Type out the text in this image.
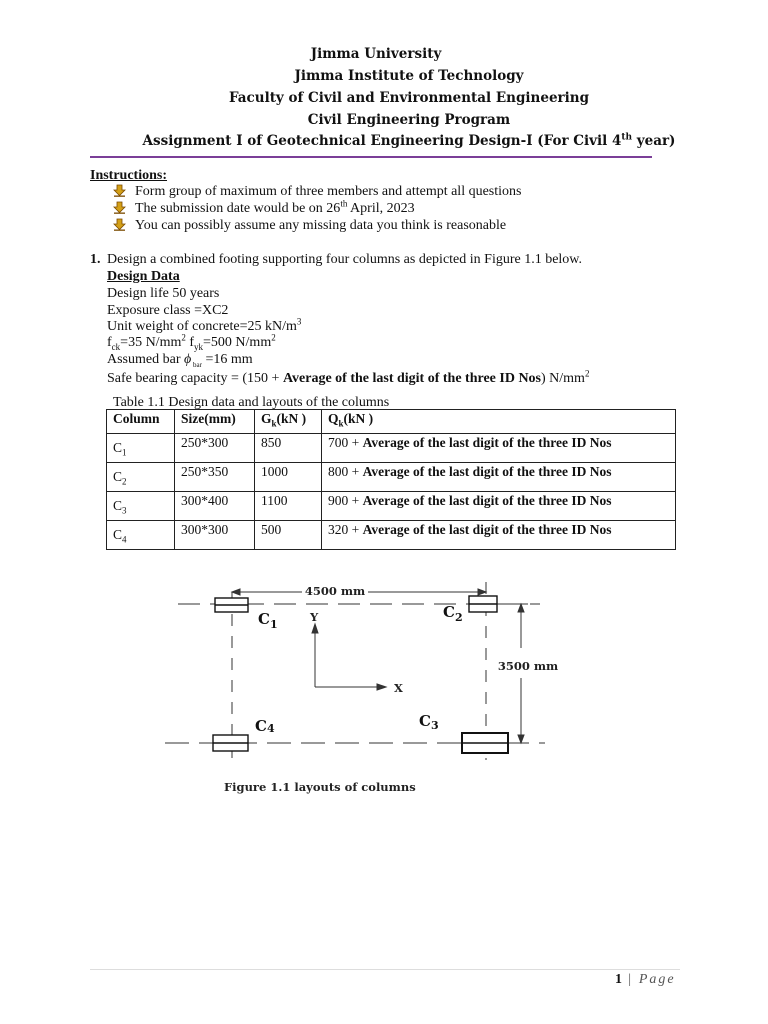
Jimma University
Jimma Institute of Technology
Faculty of Civil and Environmental Engineering
Civil Engineering Program
Assignment I of Geotechnical Engineering Design-I (For Civil 4th year)
Instructions:
Form group of maximum of three members and attempt all questions
The submission date would be on 26th April, 2023
You can possibly assume any missing data you think is reasonable
1. Design a combined footing supporting four columns as depicted in Figure 1.1 below.
Design Data
Design life 50 years
Exposure class =XC2
Unit weight of concrete=25 $kN/m^3$
$f_{ck}=35$ $N/mm^2$ $f_{yk}=500$ $N/mm^2$
Assumed bar ϕ $_{bar}$ =16 mm
Safe bearing capacity = (150 + Average of the last digit of the three ID Nos) $N/mm^2$
Table 1.1 Design data and layouts of the columns
Column	Size(mm)	$G_k(kN$ )	$Q_k(kN$ )
$C_1$	250*300	850	700 + Average of the last digit of the three ID Nos
$C_2$	250*350	1000	800 + Average of the last digit of the three ID Nos
$C_3$	300*400	1100	900 + Average of the last digit of the three ID Nos
$C_4$	300*300	500	320 + Average of the last digit of the three ID Nos
4500 mm
3500 mm
$C_1$
$C_2$
$C_3$
C4
Y
X
Figure 1.1 layouts of columns
1 | Page
